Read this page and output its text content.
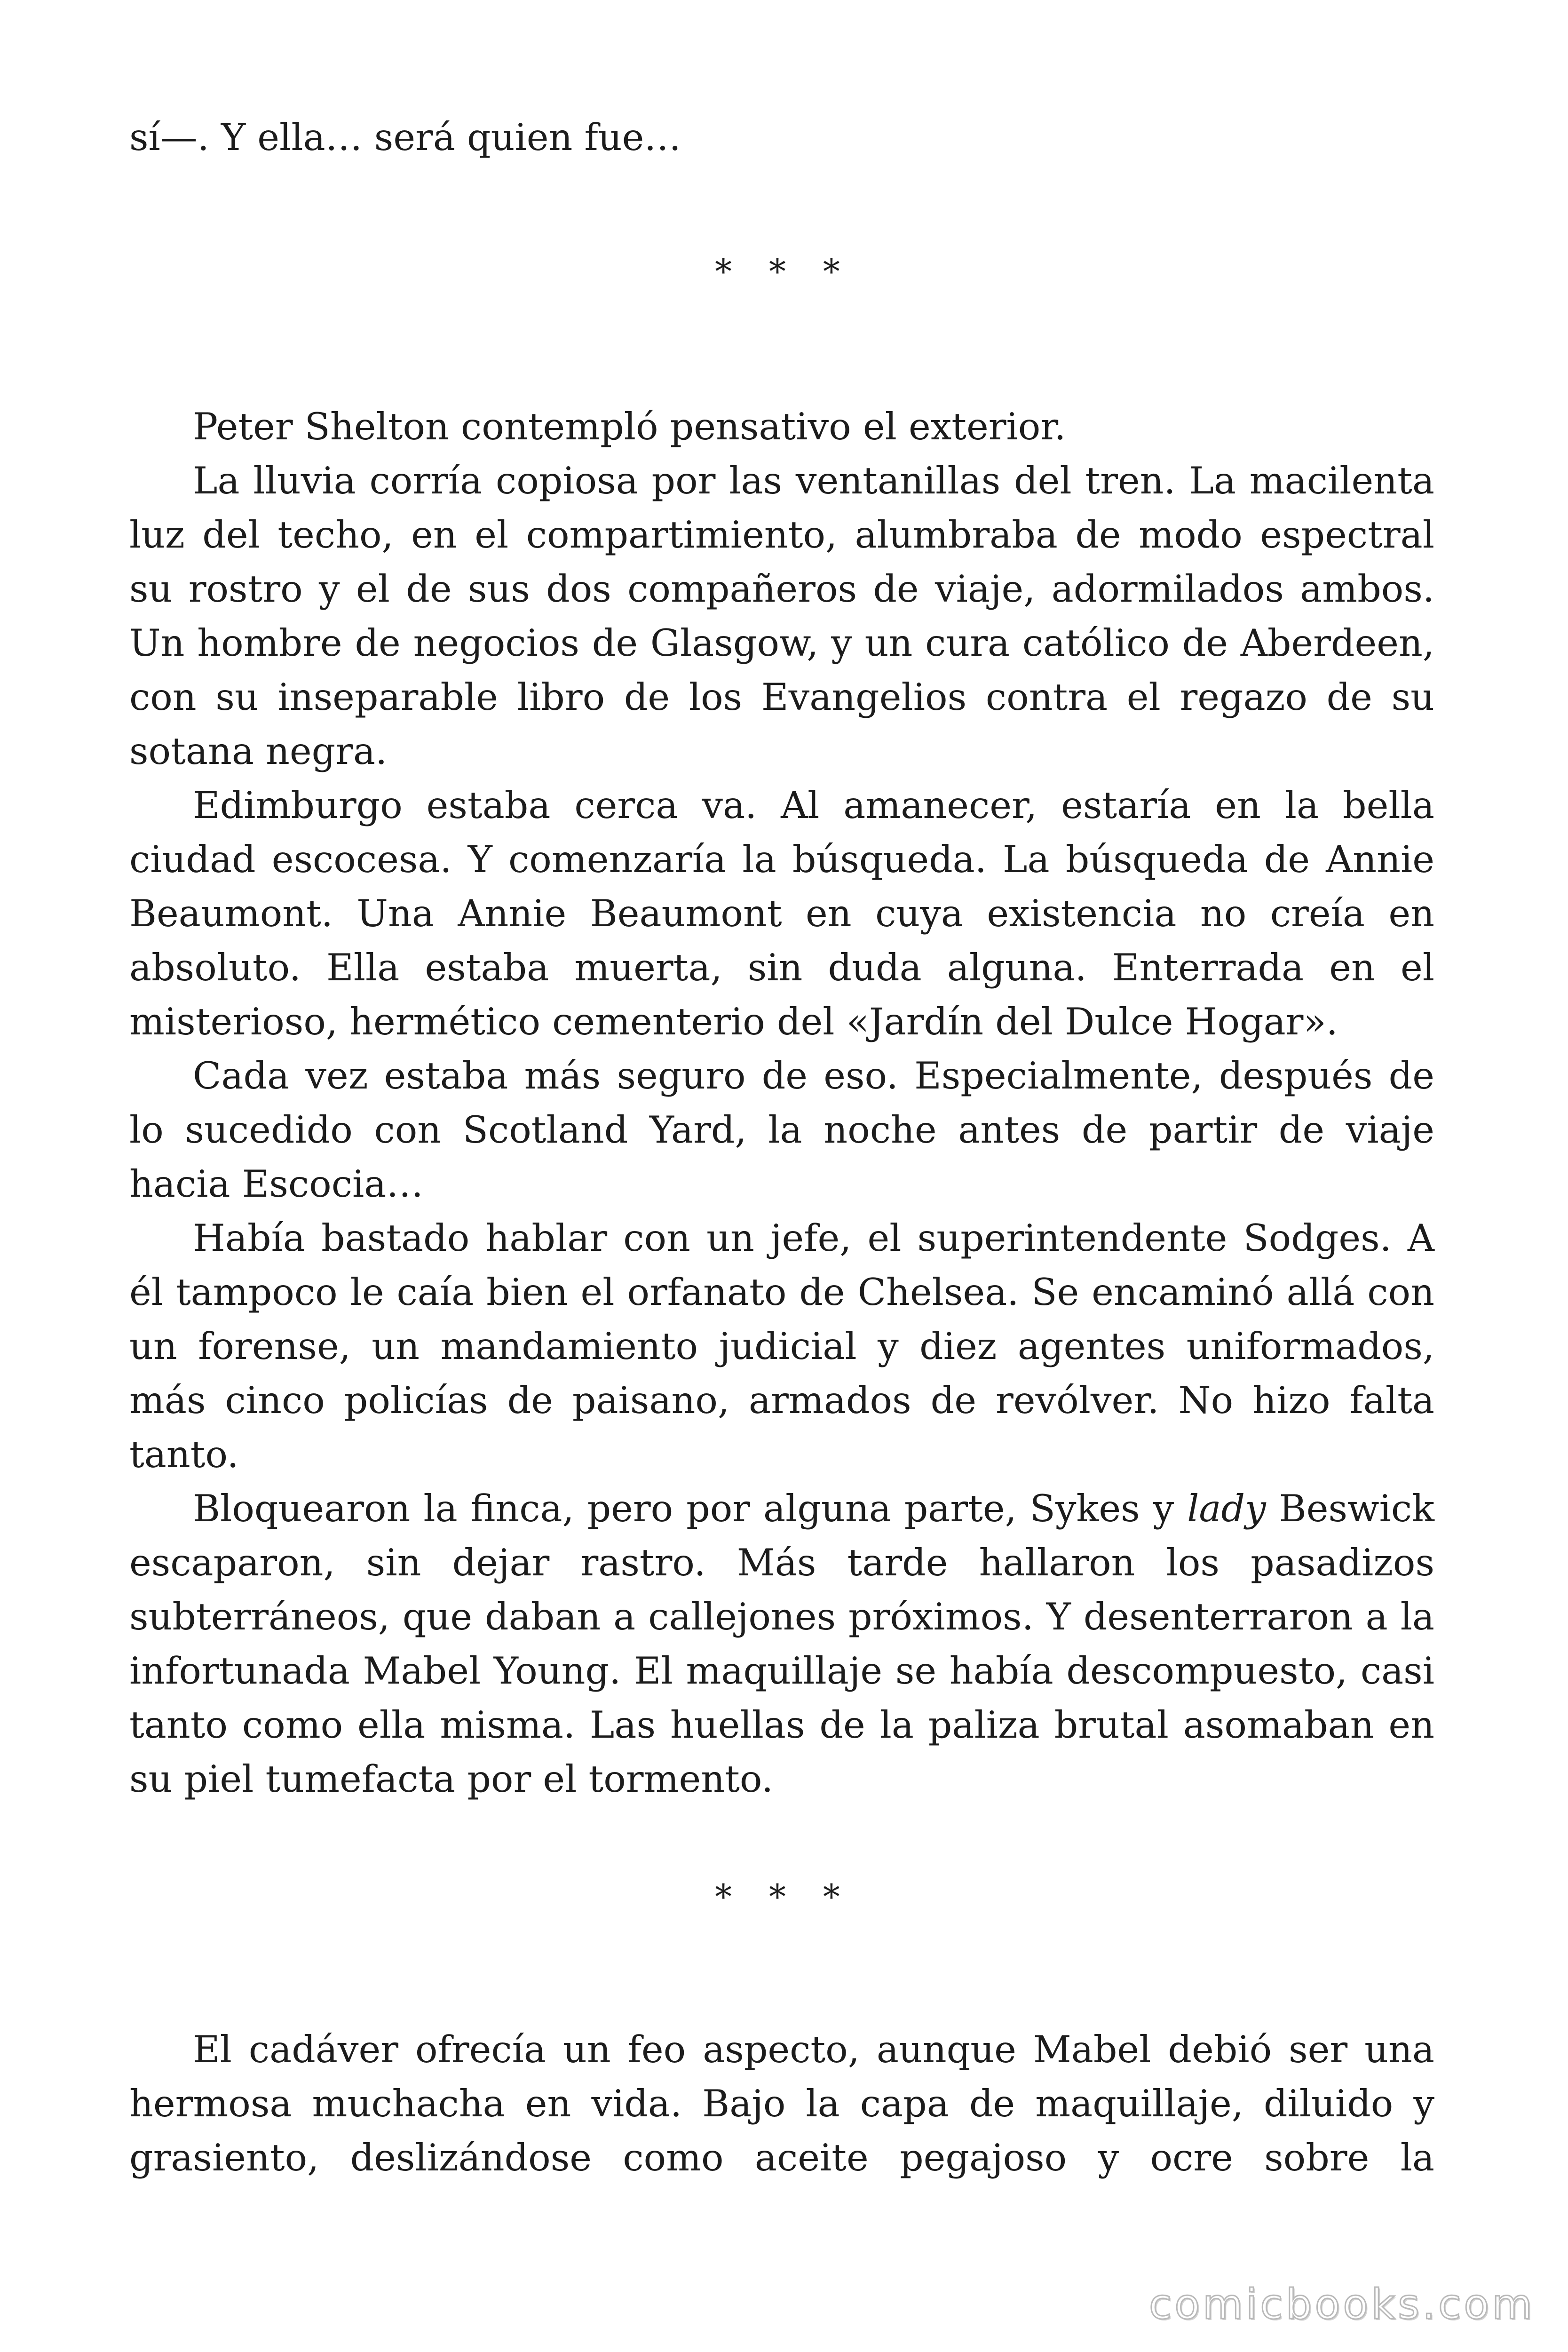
sí—. Y ella… será quien fue…
* * *

Peter Shelton contempló pensativo el exterior.

La lluvia corría copiosa por las ventanillas del tren. La macilenta luz del techo, en el compartimiento, alumbraba de modo espectral su rostro y el de sus dos compañeros de viaje, adormilados ambos. Un hombre de negocios de Glasgow, y un cura católico de Aberdeen, con su inseparable libro de los Evangelios contra el regazo de su sotana negra.

Edimburgo estaba cerca va. Al amanecer, estaría en la bella ciudad escocesa. Y comenzaría la búsqueda. La búsqueda de Annie Beaumont. Una Annie Beaumont en cuya existencia no creía en absoluto. Ella estaba muerta, sin duda alguna. Enterrada en el misterioso, hermético cementerio del «Jardín del Dulce Hogar».

Cada vez estaba más seguro de eso. Especialmente, después de lo sucedido con Scotland Yard, la noche antes de partir de viaje hacia Escocia…

Había bastado hablar con un jefe, el superintendente Sodges. A él tampoco le caía bien el orfanato de Chelsea. Se encaminó allá con un forense, un mandamiento judicial y diez agentes uniformados, más cinco policías de paisano, armados de revólver. No hizo falta tanto.

Bloquearon la finca, pero por alguna parte, Sykes y lady Beswick escaparon, sin dejar rastro. Más tarde hallaron los pasadizos subterráneos, que daban a callejones próximos. Y desenterraron a la infortunada Mabel Young. El maquillaje se había descompuesto, casi tanto como ella misma. Las huellas de la paliza brutal asomaban en su piel tumefacta por el tormento.

* * *

El cadáver ofrecía un feo aspecto, aunque Mabel debió ser una hermosa muchacha en vida. Bajo la capa de maquillaje, diluido y grasiento, deslizándose como aceite pegajoso y ocre sobre la

comicbooks.com
